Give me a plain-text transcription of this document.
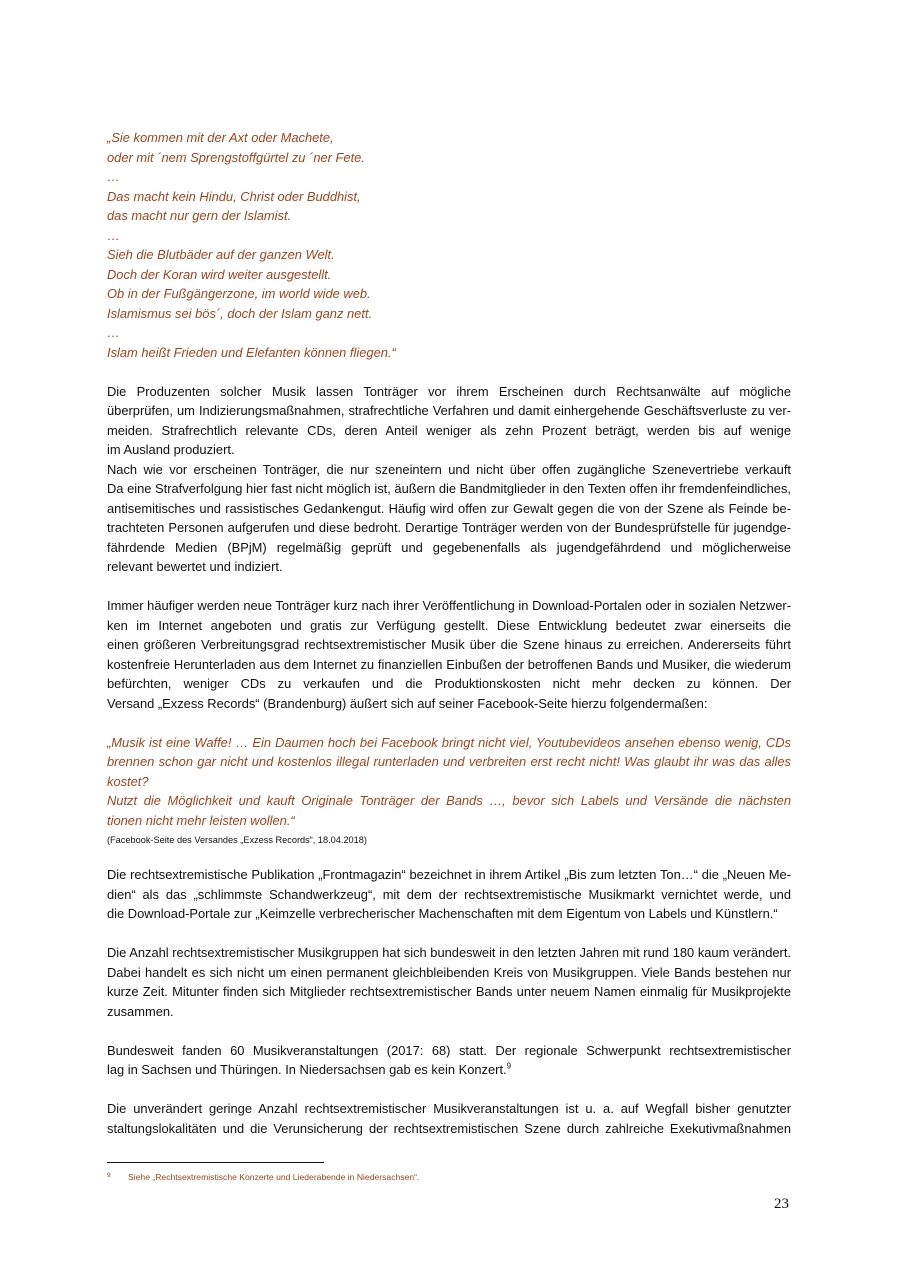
„Sie kommen mit der Axt oder Machete,

oder mit ´nem Sprengstoffgürtel zu ´ner Fete.

…

Das macht kein Hindu, Christ oder Buddhist,

das macht nur gern der Islamist.

…

Sieh die Blutbäder auf der ganzen Welt.

Doch der Koran wird weiter ausgestellt.

Ob in der Fußgängerzone, im world wide web.

Islamismus sei bös´, doch der Islam ganz nett.

…

Islam heißt Frieden und Elefanten können fliegen.“

Die Produzenten solcher Musik lassen Tonträger vor ihrem Erscheinen durch Rechtsanwälte auf mögliche

überprüfen, um Indizierungsmaßnahmen, strafrechtliche Verfahren und damit einhergehende Geschäftsverluste zu ver-

meiden. Strafrechtlich relevante CDs, deren Anteil weniger als zehn Prozent beträgt, werden bis auf wenige

im Ausland produziert.

Nach wie vor erscheinen Tonträger, die nur szeneintern und nicht über offen zugängliche Szenevertriebe verkauft

Da eine Strafverfolgung hier fast nicht möglich ist, äußern die Bandmitglieder in den Texten offen ihr fremdenfeindliches,

antisemitisches und rassistisches Gedankengut. Häufig wird offen zur Gewalt gegen die von der Szene als Feinde be-

trachteten Personen aufgerufen und diese bedroht. Derartige Tonträger werden von der Bundesprüfstelle für jugendge-

fährdende Medien (BPjM) regelmäßig geprüft und gegebenenfalls als jugendgefährdend und möglicherweise

relevant bewertet und indiziert.

Immer häufiger werden neue Tonträger kurz nach ihrer Veröffentlichung in Download-Portalen oder in sozialen Netzwer-

ken im Internet angeboten und gratis zur Verfügung gestellt. Diese Entwicklung bedeutet zwar einerseits die

einen größeren Verbreitungsgrad rechtsextremistischer Musik über die Szene hinaus zu erreichen. Andererseits führt

kostenfreie Herunterladen aus dem Internet zu finanziellen Einbußen der betroffenen Bands und Musiker, die wiederum

befürchten, weniger CDs zu verkaufen und die Produktionskosten nicht mehr decken zu können. Der

Versand „Exzess Records“ (Brandenburg) äußert sich auf seiner Facebook-Seite hierzu folgendermaßen:

„Musik ist eine Waffe! … Ein Daumen hoch bei Facebook bringt nicht viel, Youtubevideos ansehen ebenso wenig, CDs

brennen schon gar nicht und kostenlos illegal runterladen und verbreiten erst recht nicht! Was glaubt ihr was das alles

kostet?

Nutzt die Möglichkeit und kauft Originale Tonträger der Bands …, bevor sich Labels und Versände die nächsten

tionen nicht mehr leisten wollen.“

(Facebook-Seite des Versandes „Exzess Records“, 18.04.2018)

Die rechtsextremistische Publikation „Frontmagazin“ bezeichnet in ihrem Artikel „Bis zum letzten Ton…“ die „Neuen Me-

dien“ als das „schlimmste Schandwerkzeug“, mit dem der rechtsextremistische Musikmarkt vernichtet werde, und

die Download-Portale zur „Keimzelle verbrecherischer Machenschaften mit dem Eigentum von Labels und Künstlern.“

Die Anzahl rechtsextremistischer Musikgruppen hat sich bundesweit in den letzten Jahren mit rund 180 kaum verändert.

Dabei handelt es sich nicht um einen permanent gleichbleibenden Kreis von Musikgruppen. Viele Bands bestehen nur

kurze Zeit. Mitunter finden sich Mitglieder rechtsextremistischer Bands unter neuem Namen einmalig für Musikprojekte

zusammen.

Bundesweit fanden 60 Musikveranstaltungen (2017: 68) statt. Der regionale Schwerpunkt rechtsextremistischer

lag in Sachsen und Thüringen. In Niedersachsen gab es kein Konzert.$^9$

Die unverändert geringe Anzahl rechtsextremistischer Musikveranstaltungen ist u. a. auf Wegfall bisher genutzter

staltungslokalitäten und die Verunsicherung der rechtsextremistischen Szene durch zahlreiche Exekutivmaßnahmen

9 Siehe „Rechtsextremistische Konzerte und Liederabende in Niedersachsen“.
23
